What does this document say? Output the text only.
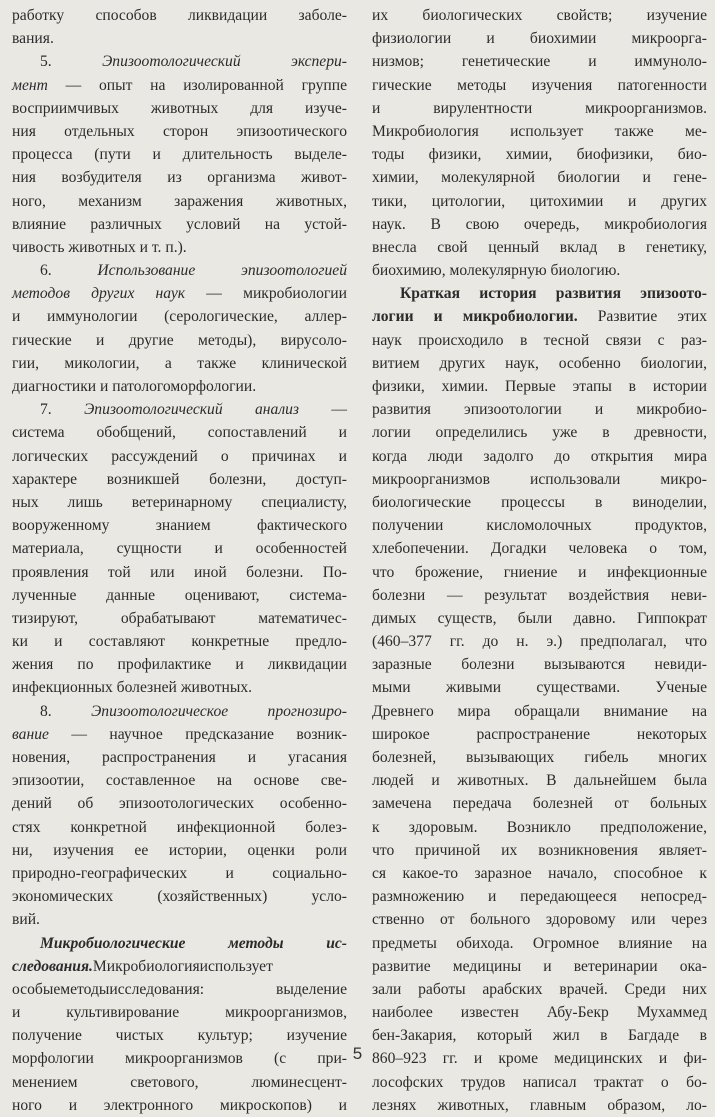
работку способов ликвидации заболе-
вания.
5. Эпизоотологический экспери-
мент — опыт на изолированной группе
восприимчивых животных для изуче-
ния отдельных сторон эпизоотического
процесса (пути и длительность выделе-
ния возбудителя из организма живот-
ного, механизм заражения животных,
влияние различных условий на устой-
чивость животных и т. п.).
6. Использование эпизоотологией
методов других наук — микробиологии
и иммунологии (серологические, аллер-
гические и другие методы), вирусоло-
гии, микологии, а также клинической
диагностики и патологоморфологии.
7. Эпизоотологический анализ —
система обобщений, сопоставлений и
логических рассуждений о причинах и
характере возникшей болезни, доступ-
ных лишь ветеринарному специалисту,
вооруженному знанием фактического
материала, сущности и особенностей
проявления той или иной болезни. По-
лученные данные оценивают, система-
тизируют, обрабатывают математичес-
ки и составляют конкретные предло-
жения по профилактике и ликвидации
инфекционных болезней животных.
8. Эпизоотологическое прогнозиро-
вание — научное предсказание возник-
новения, распространения и угасания
эпизоотии, составленное на основе све-
дений об эпизоотологических особенно-
стях конкретной инфекционной болез-
ни, изучения ее истории, оценки роли
природно-географических и социально-
экономических (хозяйственных) усло-
вий.
Микробиологические методы ис-
следования.Микробиологияиспользует
особыеметодыисследования: выделение
и культивирование микроорганизмов,
получение чистых культур; изучение
морфологии микроорганизмов (с при-
менением светового, люминесцент-
ного и электронного микроскопов) и
их биологических свойств; изучение
физиологии и биохимии микроорга-
низмов; генетические и иммуноло-
гические методы изучения патогенности
и вирулентности микроорганизмов.
Микробиология использует также ме-
тоды физики, химии, биофизики, био-
химии, молекулярной биологии и гене-
тики, цитологии, цитохимии и других
наук. В свою очередь, микробиология
внесла свой ценный вклад в генетику,
биохимию, молекулярную биологию.
Краткая история развития эпизоото-
логии и микробиологии. Развитие этих
наук происходило в тесной связи с раз-
витием других наук, особенно биологии,
физики, химии. Первые этапы в истории
развития эпизоотологии и микробио-
логии определились уже в древности,
когда люди задолго до открытия мира
микроорганизмов использовали микро-
биологические процессы в виноделии,
получении кисломолочных продуктов,
хлебопечении. Догадки человека о том,
что брожение, гниение и инфекционные
болезни — результат воздействия неви-
димых существ, были давно. Гиппократ
(460–377 гг. до н. э.) предполагал, что
заразные болезни вызываются невиди-
мыми живыми существами. Ученые
Древнего мира обращали внимание на
широкое распространение некоторых
болезней, вызывающих гибель многих
людей и животных. В дальнейшем была
замечена передача болезней от больных
к здоровым. Возникло предположение,
что причиной их возникновения являет-
ся какое-то заразное начало, способное к
размножению и передающееся непосред-
ственно от больного здоровому или через
предметы обихода. Огромное влияние на
развитие медицины и ветеринарии ока-
зали работы арабских врачей. Среди них
наиболее известен Абу-Бекр Мухаммед
бен-Закария, который жил в Багдаде в
860–923 гг. и кроме медицинских и фи-
лософских трудов написал трактат о бо-
лезнях животных, главным образом, ло-
5
